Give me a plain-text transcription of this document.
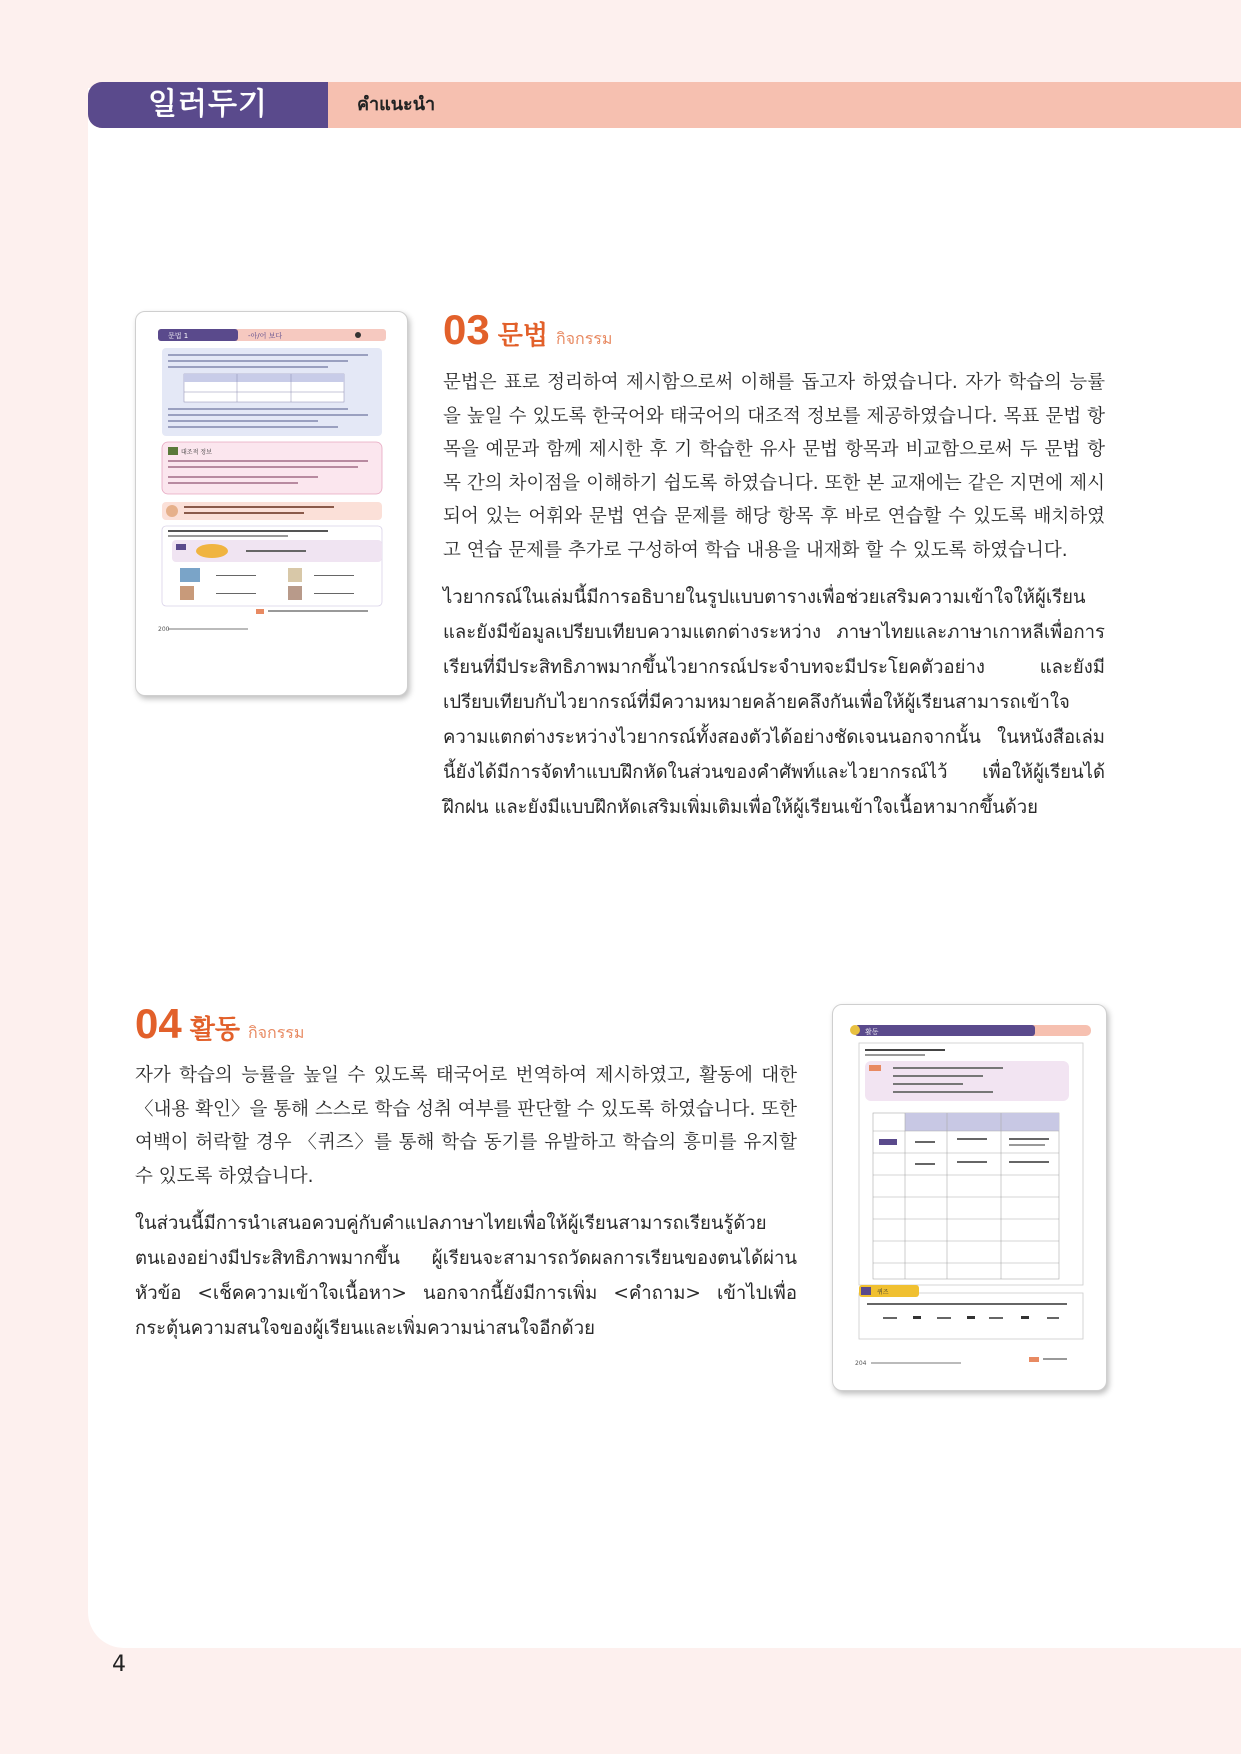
일러두기	คำแนะนำ
문법 1	-아/어 보다
대조적 정보
200
03 문법 กิจกรรม

문법은 표로 정리하여 제시함으로써 이해를 돕고자 하였습니다. 자가 학습의 능률을 높일 수 있도록 한국어와 태국어의 대조적 정보를 제공하였습니다. 목표 문법 항목을 예문과 함께 제시한 후 기 학습한 유사 문법 항목과 비교함으로써 두 문법 항목 간의 차이점을 이해하기 쉽도록 하였습니다. 또한 본 교재에는 같은 지면에 제시되어 있는 어휘와 문법 연습 문제를 해당 항목 후 바로 연습할 수 있도록 배치하였고 연습 문제를 추가로 구성하여 학습 내용을 내재화 할 수 있도록 하였습니다.

ไวยากรณ์ในเล่มนี้มีการอธิบายในรูปแบบตารางเพื่อช่วยเสริมความเข้าใจให้ผู้เรียน และยังมีข้อมูลเปรียบเทียบความแตกต่างระหว่าง ภาษาไทยและภาษาเกาหลีเพื่อการเรียนที่มีประสิทธิภาพมากขึ้นไวยากรณ์ประจำบทจะมีประโยคตัวอย่าง และยังมีเปรียบเทียบกับไวยากรณ์ที่มีความหมายคล้ายคลึงกันเพื่อให้ผู้เรียนสามารถเข้าใจความแตกต่างระหว่างไวยากรณ์ทั้งสองตัวได้อย่างชัดเจนนอกจากนั้น ในหนังสือเล่มนี้ยังได้มีการจัดทำแบบฝึกหัดในส่วนของคำศัพท์และไวยากรณ์ไว้ เพื่อให้ผู้เรียนได้ฝึกฝน และยังมีแบบฝึกหัดเสริมเพิ่มเติมเพื่อให้ผู้เรียนเข้าใจเนื้อหามากขึ้นด้วย

04 활동 กิจกรรม

자가 학습의 능률을 높일 수 있도록 태국어로 번역하여 제시하였고, 활동에 대한 〈내용 확인〉을 통해 스스로 학습 성취 여부를 판단할 수 있도록 하였습니다. 또한 여백이 허락할 경우 〈퀴즈〉를 통해 학습 동기를 유발하고 학습의 흥미를 유지할 수 있도록 하였습니다.

ในส่วนนี้มีการนำเสนอควบคู่กับคำแปลภาษาไทยเพื่อให้ผู้เรียนสามารถเรียนรู้ด้วยตนเองอย่างมีประสิทธิภาพมากขึ้น ผู้เรียนจะสามารถวัดผลการเรียนของตนได้ผ่านหัวข้อ <เช็คความเข้าใจเนื้อหา> นอกจากนี้ยังมีการเพิ่ม <คำถาม> เข้าไปเพื่อกระตุ้นความสนใจของผู้เรียนและเพิ่มความน่าสนใจอีกด้วย

활동
퀴즈
204
4
